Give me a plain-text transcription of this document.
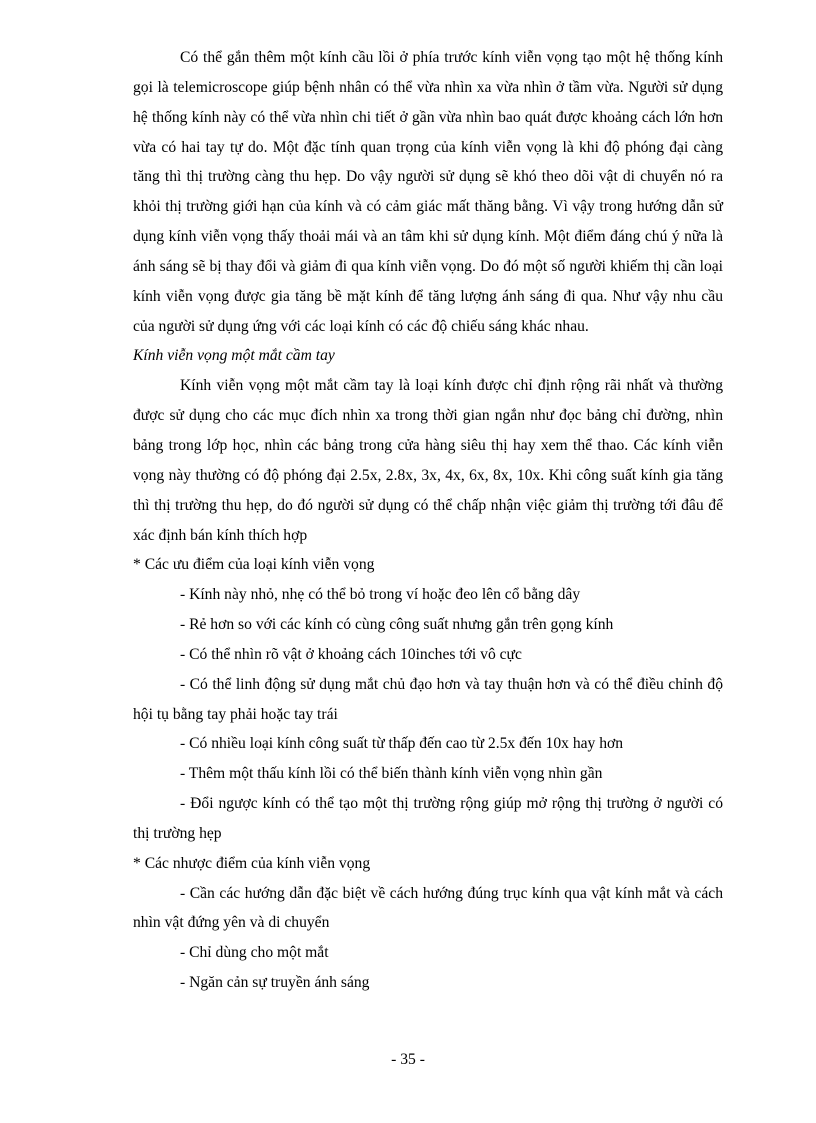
Có thể gắn thêm một kính cầu lồi ở phía trước kính viễn vọng tạo một hệ thống kính gọi là telemicroscope giúp bệnh nhân có thể vừa nhìn xa vừa nhìn ở tầm vừa. Người sử dụng hệ thống kính này có thể vừa nhìn chi tiết ở gần vừa nhìn bao quát được khoảng cách lớn hơn vừa có hai tay tự do. Một đặc tính quan trọng của kính viễn vọng là khi độ phóng đại càng tăng thì thị trường càng thu hẹp. Do vậy người sử dụng sẽ khó theo dõi vật di chuyển nó ra khỏi thị trường giới hạn của kính và có cảm giác mất thăng bằng. Vì vậy trong hướng dẫn sử dụng kính viễn vọng thấy thoải mái và an tâm khi sử dụng kính. Một điểm đáng chú ý nữa là ánh sáng sẽ bị thay đổi và giảm đi qua kính viễn vọng. Do đó một số người khiếm thị cần loại kính viễn vọng được gia tăng bề mặt kính để tăng lượng ánh sáng đi qua. Như vậy nhu cầu của người sử dụng ứng với các loại kính có các độ chiếu sáng khác nhau.

Kính viễn vọng một mắt cầm tay

Kính viễn vọng một mắt cầm tay là loại kính được chỉ định rộng rãi nhất và thường được sử dụng cho các mục đích nhìn xa trong thời gian ngắn như đọc bảng chỉ đường, nhìn bảng trong lớp học, nhìn các bảng trong cửa hàng siêu thị hay xem thể thao. Các kính viễn vọng này thường có độ phóng đại 2.5x, 2.8x, 3x, 4x, 6x, 8x, 10x. Khi công suất kính gia tăng thì thị trường thu hẹp, do đó người sử dụng có thể chấp nhận việc giảm thị trường tới đâu để xác định bán kính thích hợp

* Các ưu điểm của loại kính viễn vọng

- Kính này nhỏ, nhẹ có thể bỏ trong ví hoặc đeo lên cổ bằng dây

- Rẻ hơn so với các kính có cùng công suất nhưng gắn trên gọng kính

- Có thể nhìn rõ vật ở khoảng cách 10inches tới vô cực

- Có thể linh động sử dụng mắt chủ đạo hơn và tay thuận hơn và có thể điều chỉnh độ hội tụ bằng tay phải hoặc tay trái

- Có nhiều loại kính công suất từ thấp đến cao từ 2.5x đến 10x hay hơn

- Thêm một thấu kính lồi có thể biến thành kính viễn vọng nhìn gần

- Đổi ngược kính có thể tạo một thị trường rộng giúp mở rộng thị trường ở người có thị trường hẹp

* Các nhược điểm của kính viễn vọng

- Cần các hướng dẫn đặc biệt về cách hướng đúng trục kính qua vật kính mắt và cách nhìn vật đứng yên và di chuyển

- Chỉ dùng cho một mắt

- Ngăn cản sự truyền ánh sáng

- 35 -
